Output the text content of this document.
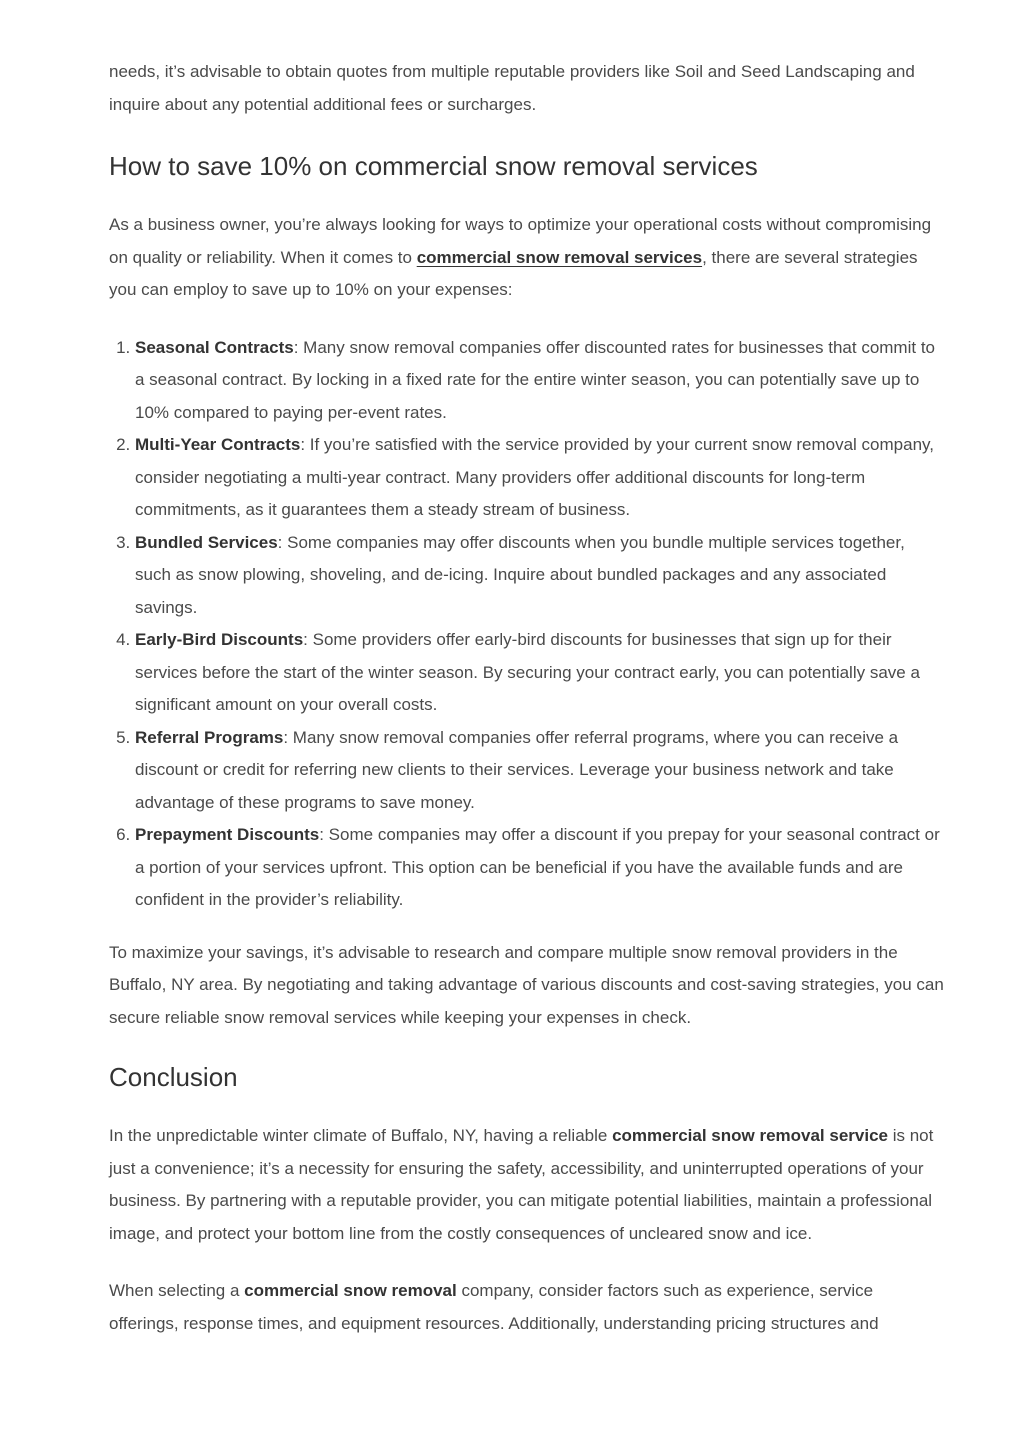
needs, it’s advisable to obtain quotes from multiple reputable providers like Soil and Seed Landscaping and inquire about any potential additional fees or surcharges.

How to save 10% on commercial snow removal services

As a business owner, you’re always looking for ways to optimize your operational costs without compromising on quality or reliability. When it comes to commercial snow removal services, there are several strategies you can employ to save up to 10% on your expenses:

1. Seasonal Contracts: Many snow removal companies offer discounted rates for businesses that commit to a seasonal contract. By locking in a fixed rate for the entire winter season, you can potentially save up to 10% compared to paying per-event rates.
2. Multi-Year Contracts: If you’re satisfied with the service provided by your current snow removal company, consider negotiating a multi-year contract. Many providers offer additional discounts for long-term commitments, as it guarantees them a steady stream of business.
3. Bundled Services: Some companies may offer discounts when you bundle multiple services together, such as snow plowing, shoveling, and de-icing. Inquire about bundled packages and any associated savings.
4. Early-Bird Discounts: Some providers offer early-bird discounts for businesses that sign up for their services before the start of the winter season. By securing your contract early, you can potentially save a significant amount on your overall costs.
5. Referral Programs: Many snow removal companies offer referral programs, where you can receive a discount or credit for referring new clients to their services. Leverage your business network and take advantage of these programs to save money.
6. Prepayment Discounts: Some companies may offer a discount if you prepay for your seasonal contract or a portion of your services upfront. This option can be beneficial if you have the available funds and are confident in the provider’s reliability.

To maximize your savings, it’s advisable to research and compare multiple snow removal providers in the Buffalo, NY area. By negotiating and taking advantage of various discounts and cost-saving strategies, you can secure reliable snow removal services while keeping your expenses in check.

Conclusion

In the unpredictable winter climate of Buffalo, NY, having a reliable commercial snow removal service is not just a convenience; it’s a necessity for ensuring the safety, accessibility, and uninterrupted operations of your business. By partnering with a reputable provider, you can mitigate potential liabilities, maintain a professional image, and protect your bottom line from the costly consequences of uncleared snow and ice.

When selecting a commercial snow removal company, consider factors such as experience, service offerings, response times, and equipment resources. Additionally, understanding pricing structures and
